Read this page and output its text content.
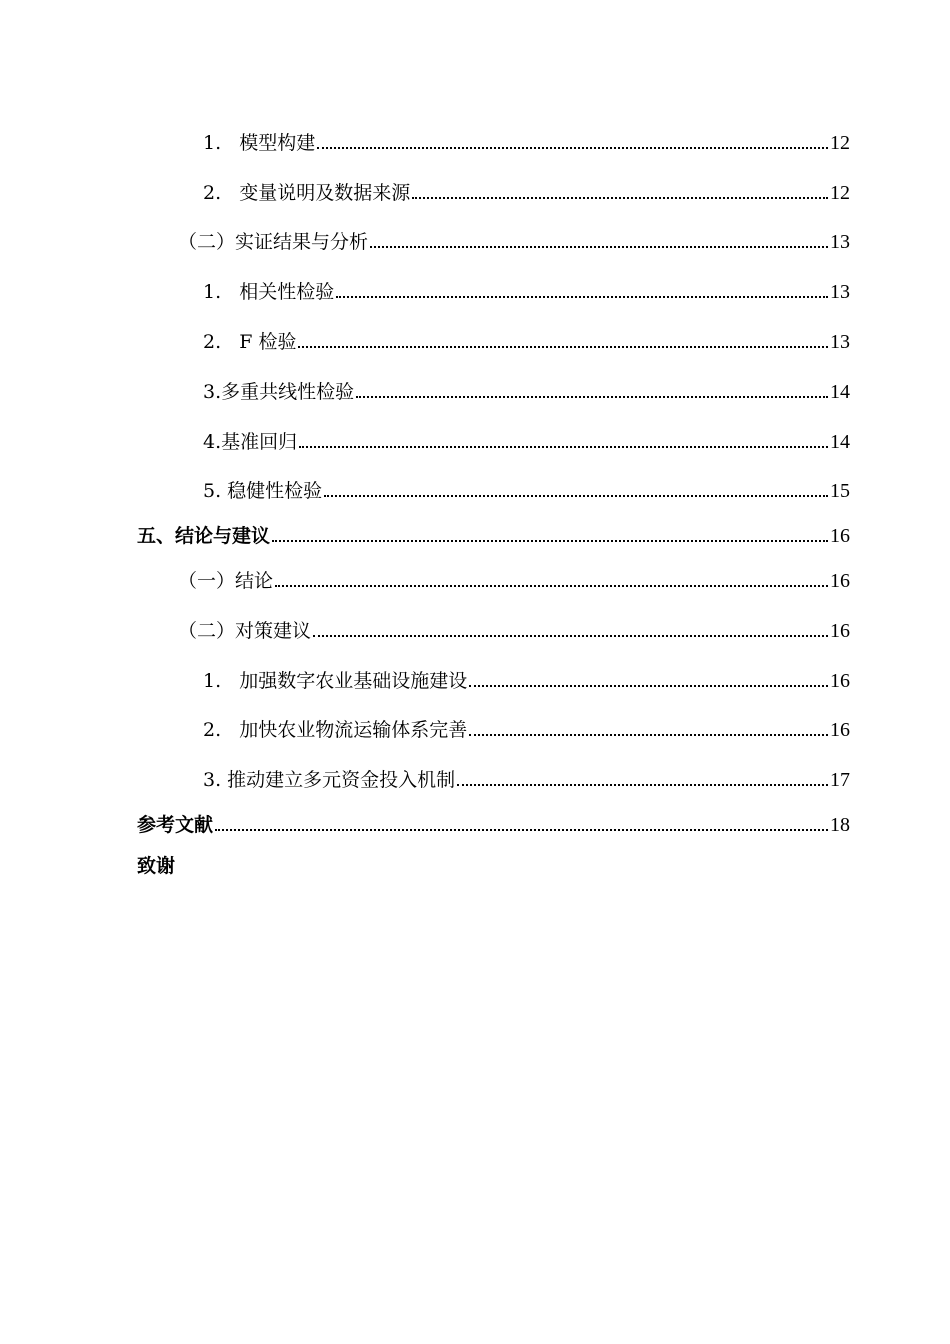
1.   模型构建	12
2.   变量说明及数据来源	12
（二）实证结果与分析	13
1.   相关性检验	13
2.   F 检验	13
3.多重共线性检验	14
4.基准回归	14
5. 稳健性检验	15
五、结论与建议	16
（一）结论	16
（二）对策建议	16
1.   加强数字农业基础设施建设	16
2.   加快农业物流运输体系完善	16
3. 推动建立多元资金投入机制	17
参考文献	18
致谢
